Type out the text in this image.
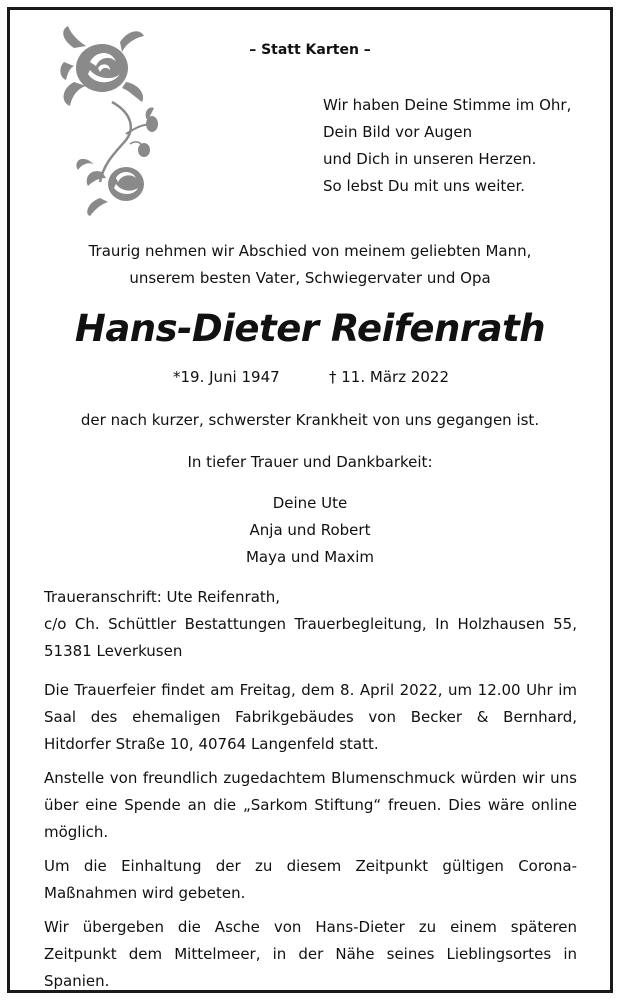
– Statt Karten –
Wir haben Deine Stimme im Ohr,
Dein Bild vor Augen
und Dich in unseren Herzen.
So lebst Du mit uns weiter.
Traurig nehmen wir Abschied von meinem geliebten Mann,
unserem besten Vater, Schwiegervater und Opa
Hans-Dieter Reifenrath
*19. Juni 1947	† 11. März 2022
der nach kurzer, schwerster Krankheit von uns gegangen ist.
In tiefer Trauer und Dankbarkeit:
Deine Ute
Anja und Robert
Maya und Maxim
Traueranschrift: Ute Reifenrath,
c/o Ch. Schüttler Bestattungen Trauerbegleitung, In Holzhausen 55,
51381 Leverkusen

Die Trauerfeier findet am Freitag, dem 8. April 2022, um 12.00 Uhr im Saal des ehemaligen Fabrikgebäudes von Becker & Bernhard, Hitdorfer Straße 10, 40764 Langenfeld statt.

Anstelle von freundlich zugedachtem Blumenschmuck würden wir uns über eine Spende an die „Sarkom Stiftung“ freuen. Dies wäre online möglich.

Um die Einhaltung der zu diesem Zeitpunkt gültigen Corona-Maßnahmen wird gebeten.

Wir übergeben die Asche von Hans-Dieter zu einem späteren Zeitpunkt dem Mittelmeer, in der Nähe seines Lieblingsortes in Spanien.
